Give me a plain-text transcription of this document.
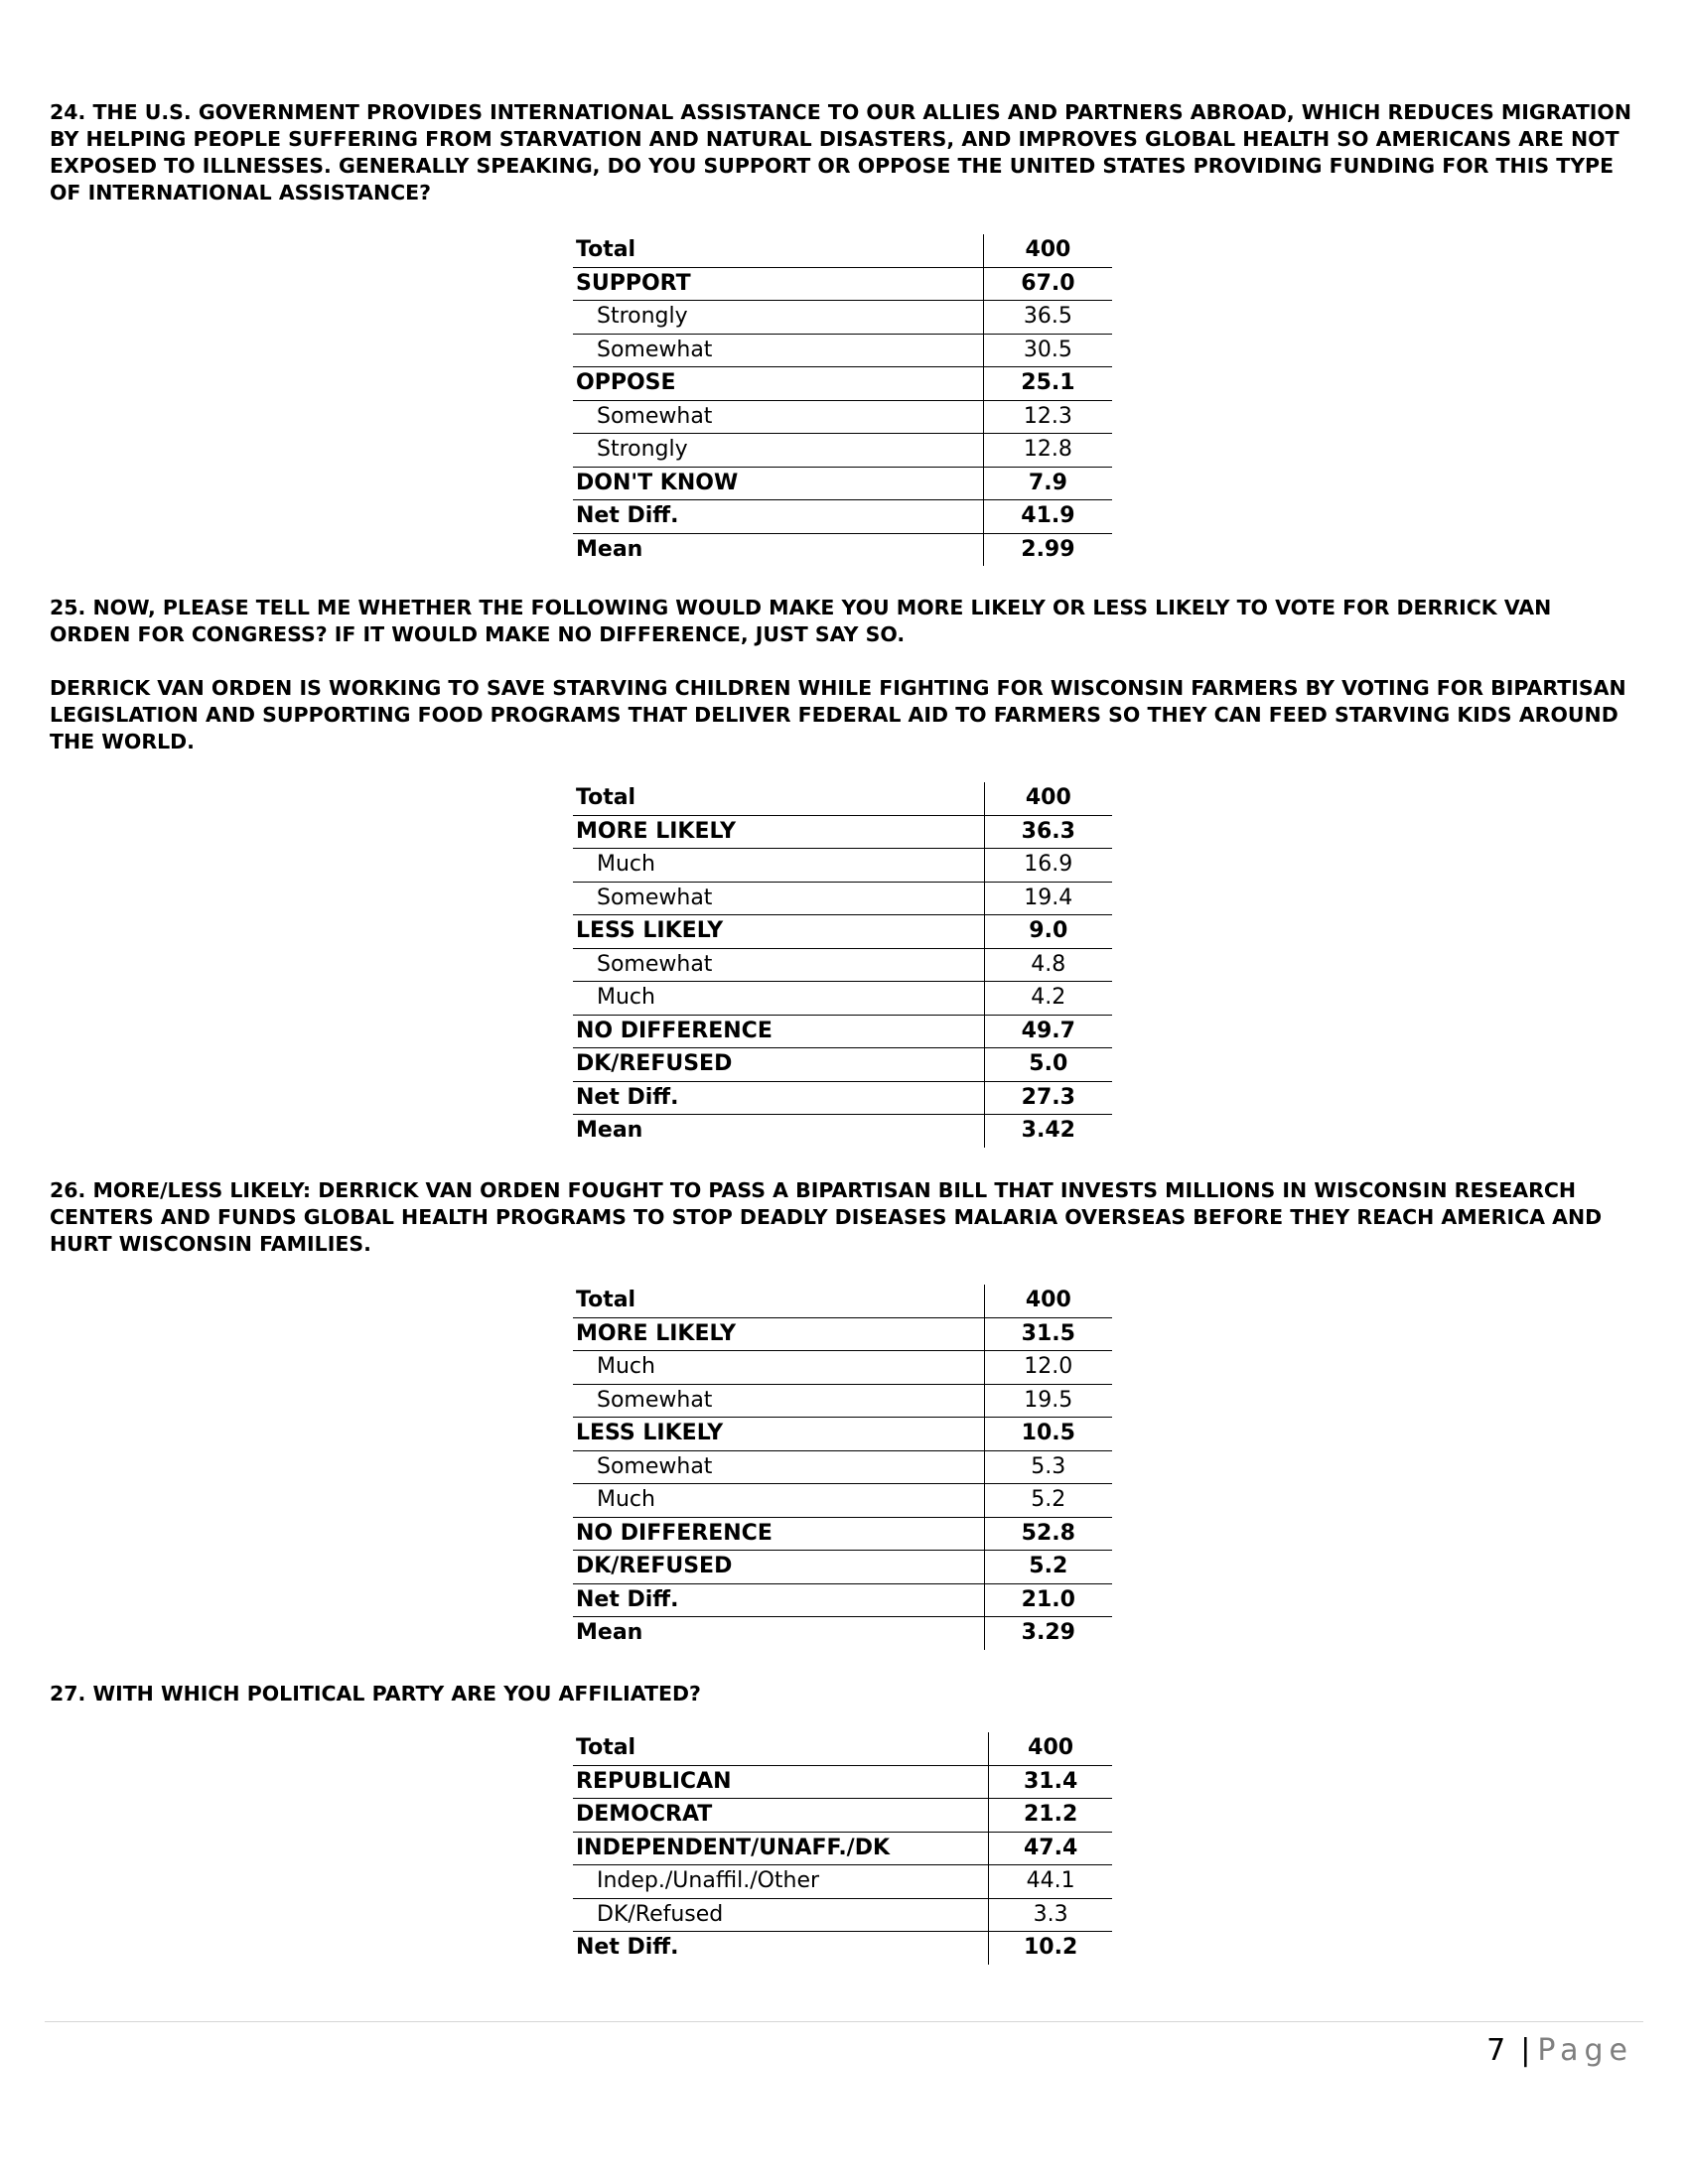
24. THE U.S. GOVERNMENT PROVIDES INTERNATIONAL ASSISTANCE TO OUR ALLIES AND PARTNERS ABROAD, WHICH REDUCES MIGRATION BY HELPING PEOPLE SUFFERING FROM STARVATION AND NATURAL DISASTERS, AND IMPROVES GLOBAL HEALTH SO AMERICANS ARE NOT EXPOSED TO ILLNESSES. GENERALLY SPEAKING, DO YOU SUPPORT OR OPPOSE THE UNITED STATES PROVIDING FUNDING FOR THIS TYPE OF INTERNATIONAL ASSISTANCE?

Total	400
SUPPORT	67.0
Strongly	36.5
Somewhat	30.5
OPPOSE	25.1
Somewhat	12.3
Strongly	12.8
DON'T KNOW	7.9
Net Diff.	41.9
Mean	2.99

25. NOW, PLEASE TELL ME WHETHER THE FOLLOWING WOULD MAKE YOU MORE LIKELY OR LESS LIKELY TO VOTE FOR DERRICK VAN ORDEN FOR CONGRESS? IF IT WOULD MAKE NO DIFFERENCE, JUST SAY SO.

DERRICK VAN ORDEN IS WORKING TO SAVE STARVING CHILDREN WHILE FIGHTING FOR WISCONSIN FARMERS BY VOTING FOR BIPARTISAN LEGISLATION AND SUPPORTING FOOD PROGRAMS THAT DELIVER FEDERAL AID TO FARMERS SO THEY CAN FEED STARVING KIDS AROUND THE WORLD.

Total	400
MORE LIKELY	36.3
Much	16.9
Somewhat	19.4
LESS LIKELY	9.0
Somewhat	4.8
Much	4.2
NO DIFFERENCE	49.7
DK/REFUSED	5.0
Net Diff.	27.3
Mean	3.42

26. MORE/LESS LIKELY: DERRICK VAN ORDEN FOUGHT TO PASS A BIPARTISAN BILL THAT INVESTS MILLIONS IN WISCONSIN RESEARCH CENTERS AND FUNDS GLOBAL HEALTH PROGRAMS TO STOP DEADLY DISEASES MALARIA OVERSEAS BEFORE THEY REACH AMERICA AND HURT WISCONSIN FAMILIES.

Total	400
MORE LIKELY	31.5
Much	12.0
Somewhat	19.5
LESS LIKELY	10.5
Somewhat	5.3
Much	5.2
NO DIFFERENCE	52.8
DK/REFUSED	5.2
Net Diff.	21.0
Mean	3.29

27. WITH WHICH POLITICAL PARTY ARE YOU AFFILIATED?

Total	400
REPUBLICAN	31.4
DEMOCRAT	21.2
INDEPENDENT/UNAFF./DK	47.4
Indep./Unaffil./Other	44.1
DK/Refused	3.3
Net Diff.	10.2
7 | Page
